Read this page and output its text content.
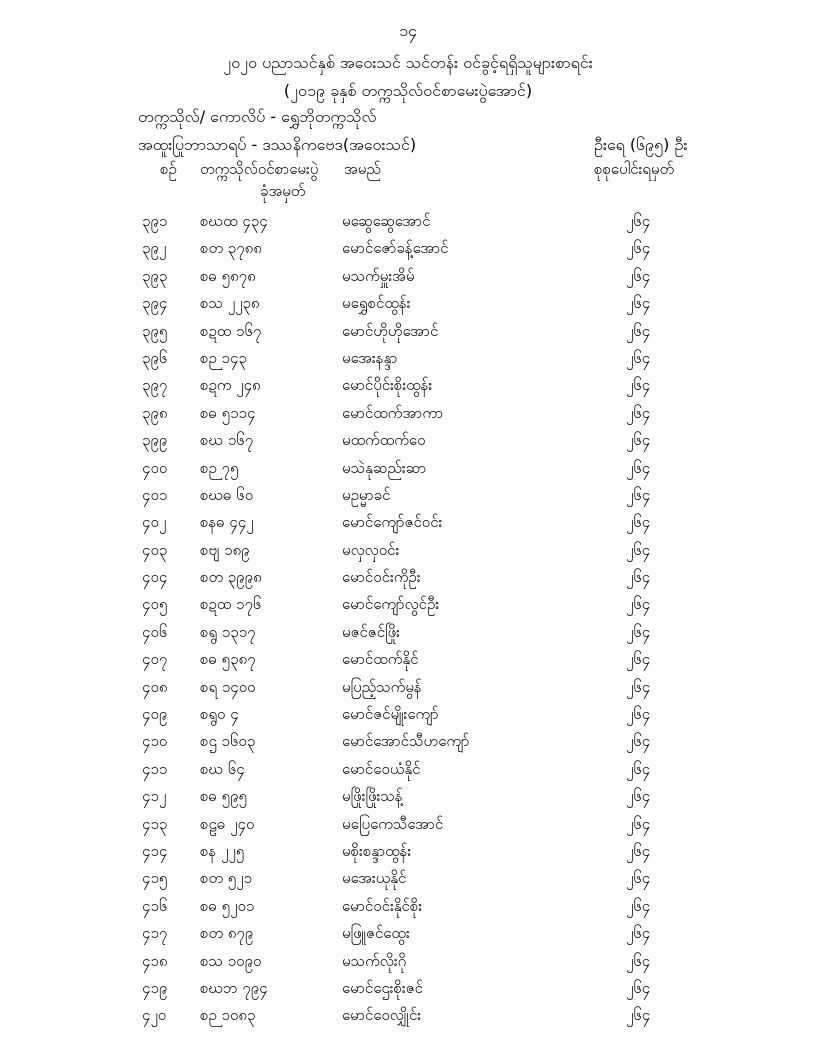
၁၄
၂၀၂၀ ပညာသင်နှစ် အဝေးသင် သင်တန်း ဝင်ခွင့်ရရှိသူများစာရင်း
(၂၀၁၉ ခုနှစ် တက္ကသိုလ်ဝင်စာမေးပွဲအောင်)
တက္ကသိုလ်/ ကောလိပ် - ရွှေဘိုတက္ကသိုလ်
အထူးပြုဘာသာရပ် - ဒဿနိကဗေဒ(အဝေးသင်)	ဦးရေ (၆၉၅) ဦး
စဉ် တက္ကသိုလ်ဝင်စာမေးပွဲ
ခုံအမှတ်
အမည်	စုစုပေါင်းရမှတ်
၃၉၁ စဃထ ၄၃၄	မဆွေဆွေအောင်	၂၆၄
၃၉၂ စတ ၃၇၈၈	မောင်ဇော်ခန့်အောင်	၂၆၄
၃၉၃ စဓ ၅၈၇၈	မသက်မှူးအိမ်	၂၆၄
၃၉၄ စသ ၂၂၃၈	မရွှေစင်ထွန်း	၂၆၄
၃၉၅ စဍထ ၁၆၇	မောင်ဟိုဟိုအောင်	၂၆၄
၃၉၆ စဉ ၁၄၃	မအေးနန္ဒာ	၂၆၄
၃၉၇ စဍက ၂၄၈	မောင်ပိုင်းစိုးထွန်း	၂၆၄
၃၉၈ စဓ ၅၁၁၄	မောင်ထက်အာကာ	၂၆၄
၃၉၉ စဃ ၁၆၇	မထက်ထက်ဝေ	၂၆၄
၄၀၀ စဉ ၇၅	မသဲနုဆည်းဆာ	၂၆၄
၄၀၁ စဃဓ ၆၀	မဥမ္မာခင်	၂၆၄
၄၀၂ စနဓ ၄၄၂	မောင်ကျော်ဇင်ဝင်း	၂၆၄
၄၀၃ စဗျ ၁၈၉	မလှလှဝင်း	၂၆၄
၄၀၄ စတ ၃၉၉၈	မောင်ဝင်းကိုဦး	၂၆၄
၄၀၅ စဍထ ၁၇၆	မောင်ကျော်လွင်ဦး	၂၆၄
၄၀၆ စရွ ၁၃၁၇	မဇင်ဇင်ဖြိုး	၂၆၄
၄၀၇ စဓ ၅၃၈၇	မောင်ထက်နိုင်	၂၆၄
၄၀၈ စရ ၁၄၀၀	မပြည့်သက်မွန်	၂၆၄
၄၀၉ စရွဝ ၄	မောင်ဇင်မျိုးကျော်	၂၆၄
၄၁၀ စဌ ၁၆၀၃	မောင်အောင်သီဟကျော်	၂၆၄
၄၁၁ စဃ ၆၄	မောင်ဝေယံနိုင်	၂၆၄
၄၁၂ စဓ ၅၉၅	မဖြိုးဖြိုးသန့်	၂၆၄
၄၁၃ စဠဓ ၂၄၀	မပြေကေသီအောင်	၂၆၄
၄၁၄ စန ၂၂၅	မစိုးစန္ဒာထွန်း	၂၆၄
၄၁၅ စတ ၅၂၁	မအေးယုနိုင်	၂၆၄
၄၁၆ စဓ ၅၂၀၁	မောင်ဝင်းနိုင်စိုး	၂၆၄
၄၁၇ စတ ၈၇၉	မဖြူဇင်ထွေး	၂၆၄
၄၁၈ စသ ၁၀၉၀	မသက်လိုးဂို	၂၆၄
၄၁၉ စဃဘ ၇၉၄	မောင်ဌေးစိုးဇင်	၂၆၄
၄၂၀ စဉ ၁၀၈၃	မောင်ဝေလျှိုင်း	၂၆၄
